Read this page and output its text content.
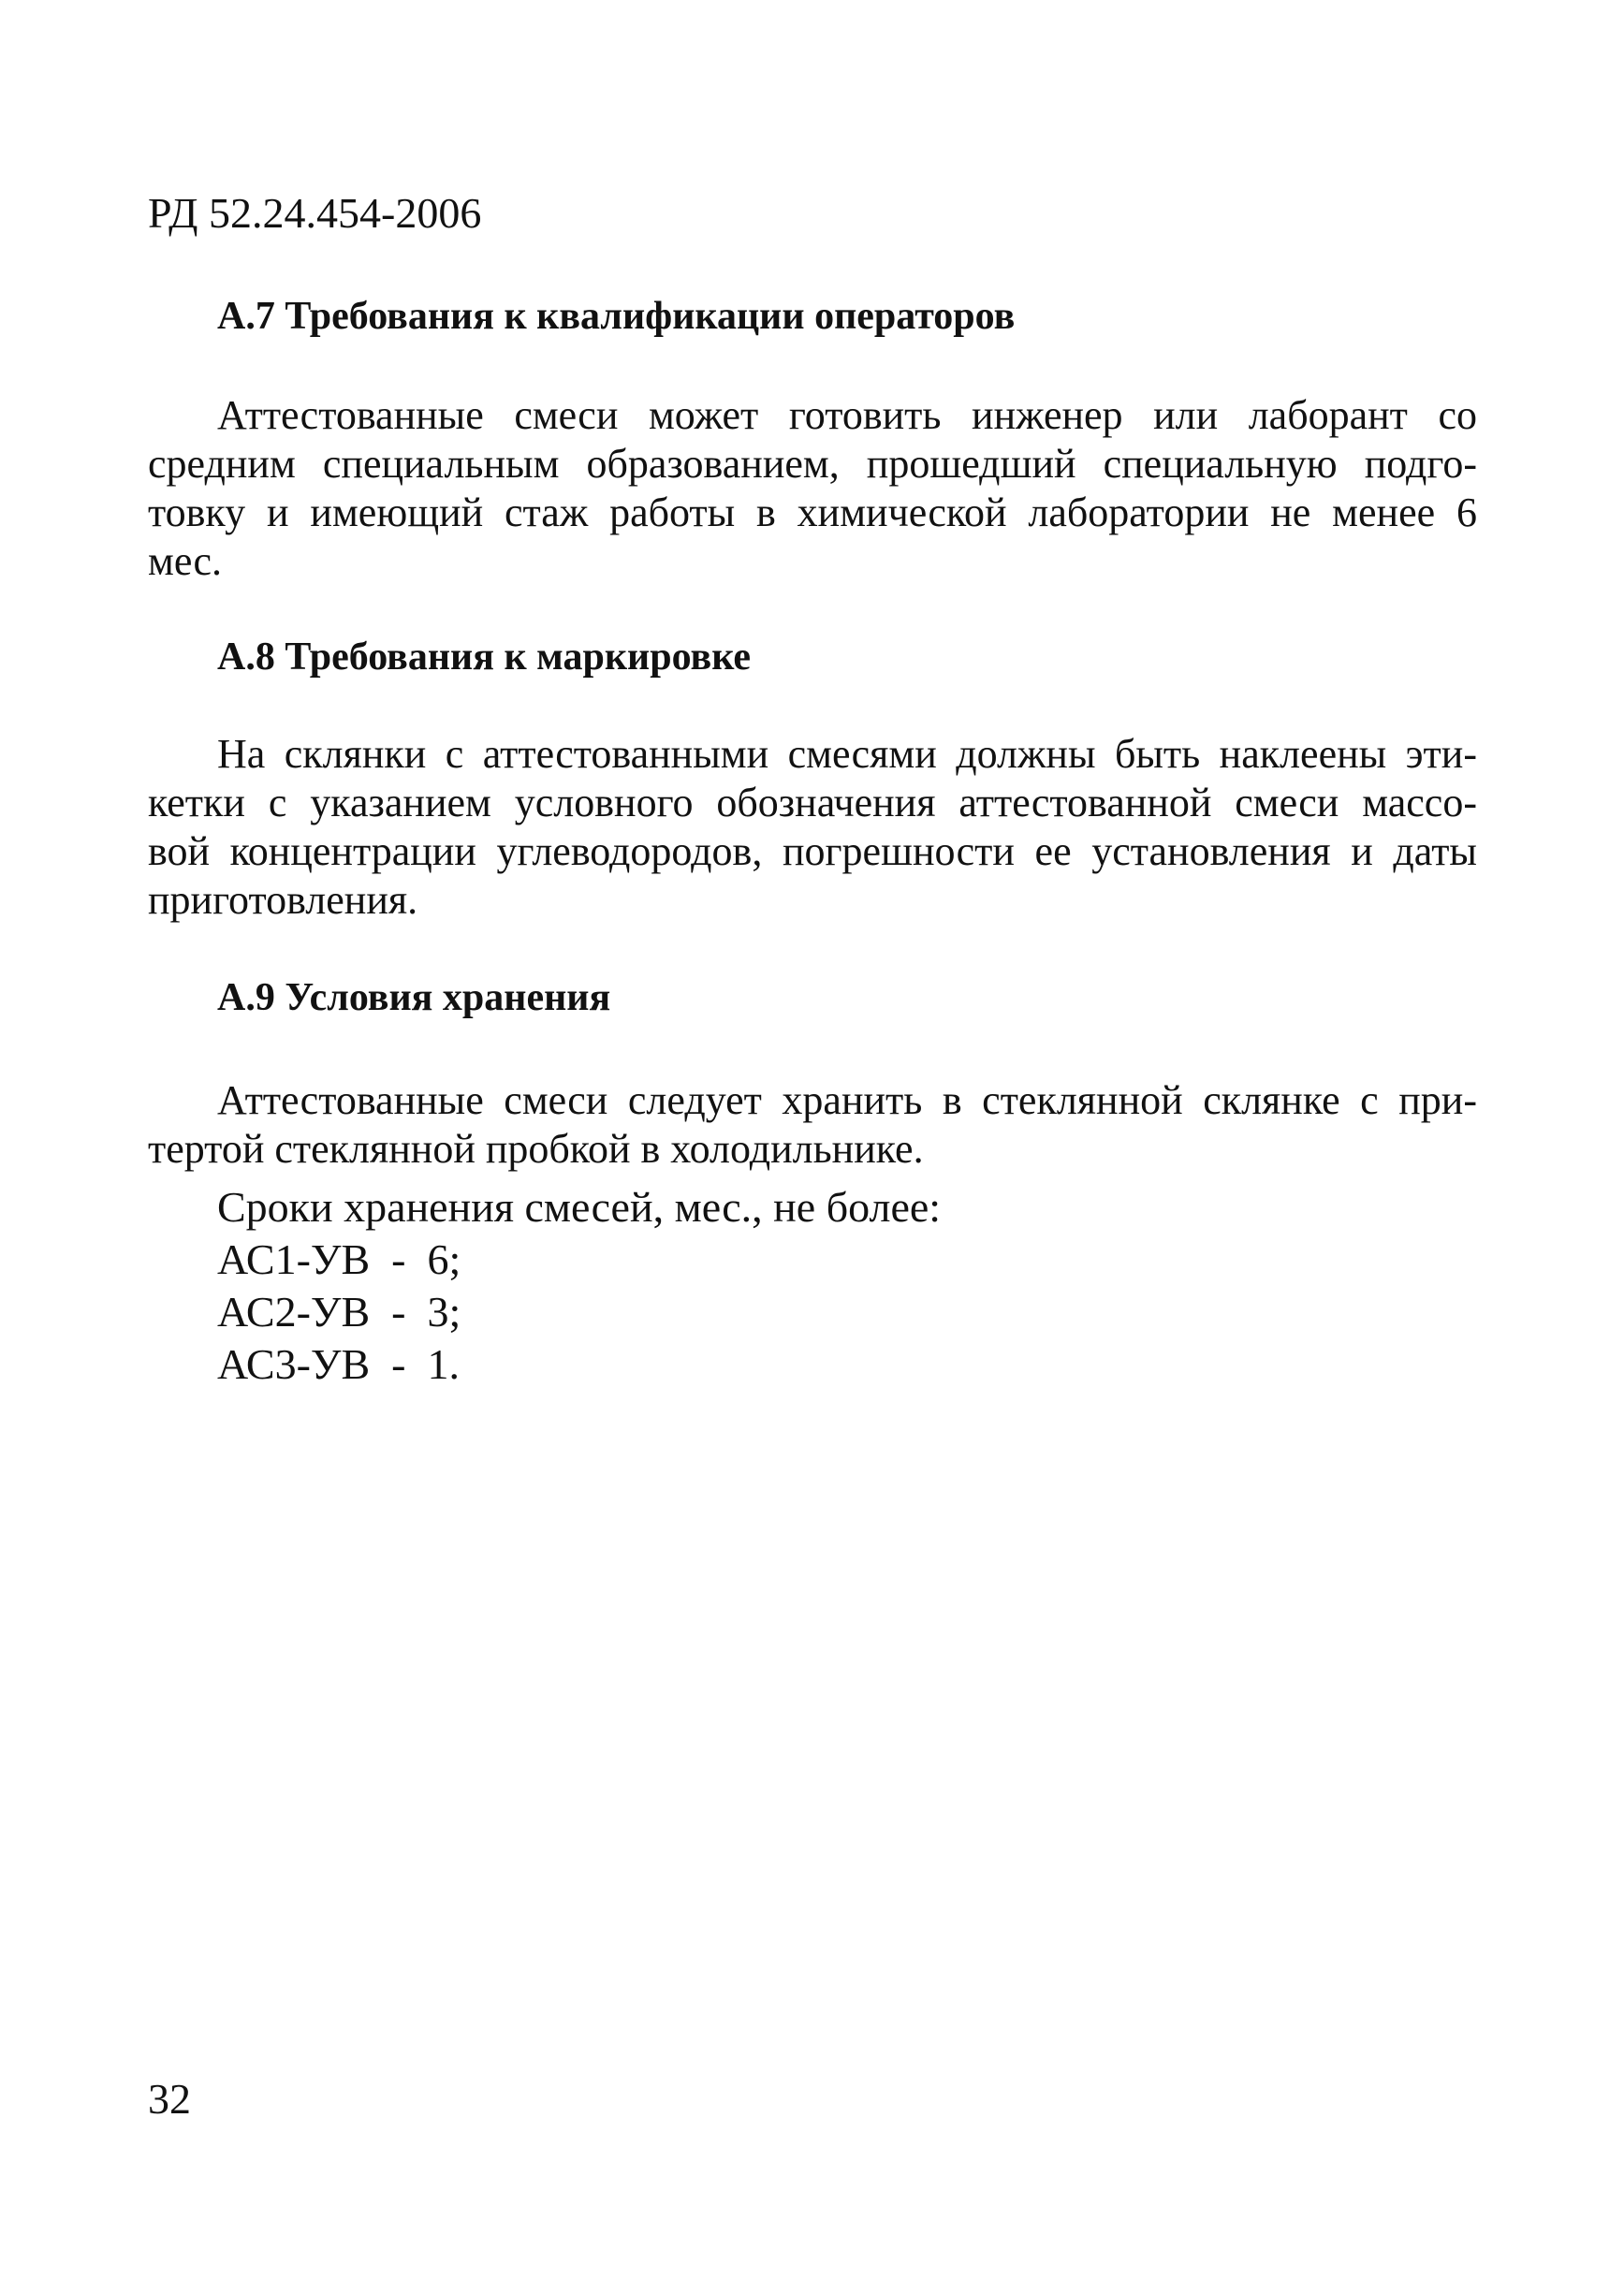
РД 52.24.454-2006
А.7 Требования к квалификации операторов
Аттестованные смеси может готовить инженер или лаборант со
средним специальным образованием, прошедший специальную подго-
товку и имеющий стаж работы в химической лаборатории не менее 6
мес.
А.8 Требования к маркировке
На склянки с аттестованными смесями должны быть наклеены эти-
кетки с указанием условного обозначения аттестованной смеси массо-
вой концентрации углеводородов, погрешности ее установления и даты
приготовления.
А.9 Условия хранения
Аттестованные смеси следует хранить в стеклянной склянке с при-
тертой стеклянной пробкой в холодильнике.
Сроки хранения смесей, мес., не более:
АС1-УВ  -  6;
АС2-УВ  -  3;
АС3-УВ  -  1.
32
